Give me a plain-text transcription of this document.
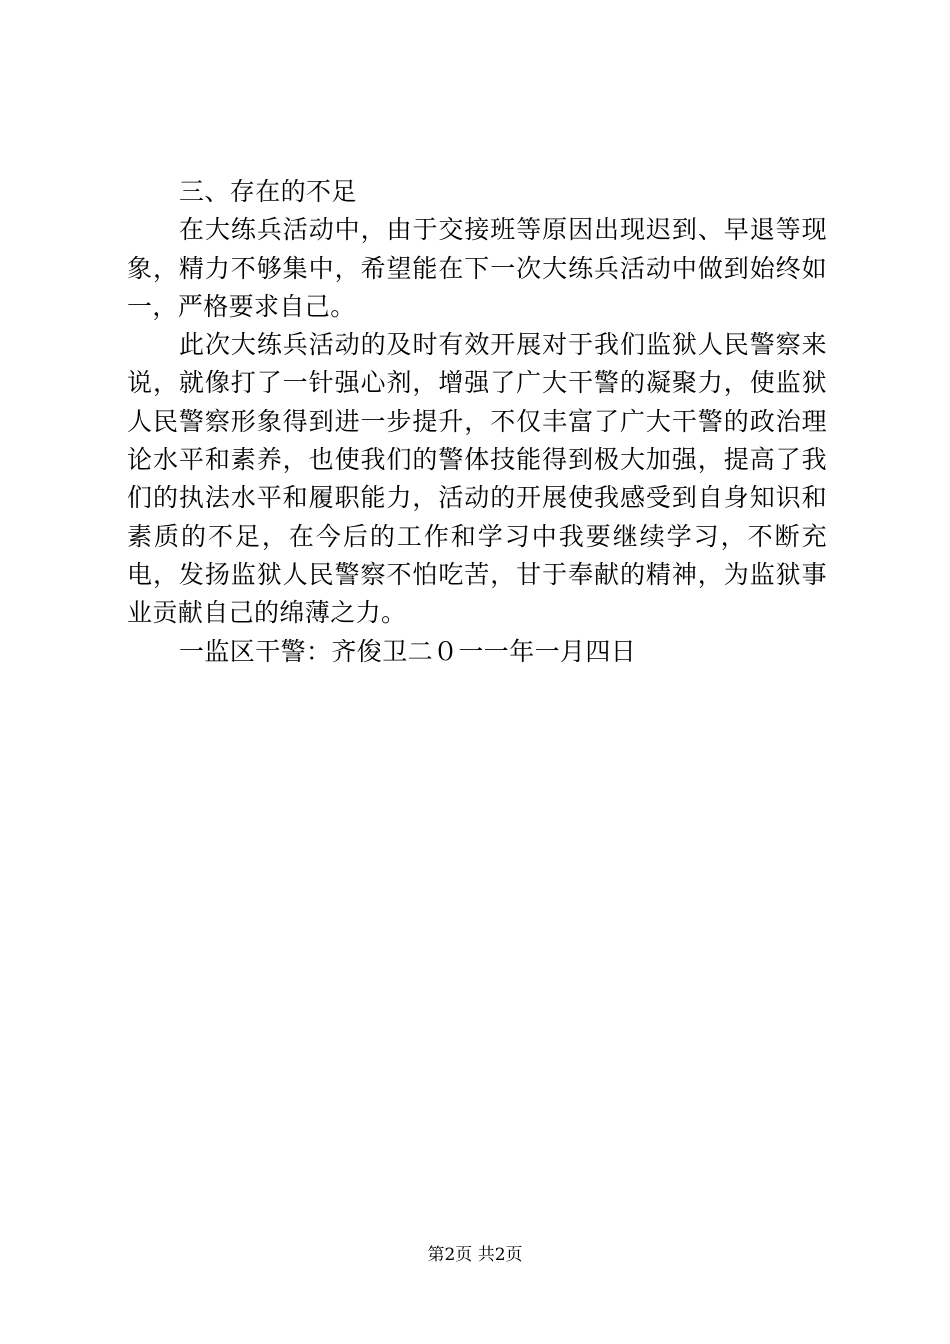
三、存在的不足

在大练兵活动中，由于交接班等原因出现迟到、早退等现象，精力不够集中，希望能在下一次大练兵活动中做到始终如一，严格要求自己。

此次大练兵活动的及时有效开展对于我们监狱人民警察来说，就像打了一针强心剂，增强了广大干警的凝聚力，使监狱人民警察形象得到进一步提升，不仅丰富了广大干警的政治理论水平和素养，也使我们的警体技能得到极大加强，提高了我们的执法水平和履职能力，活动的开展使我感受到自身知识和素质的不足，在今后的工作和学习中我要继续学习，不断充电，发扬监狱人民警察不怕吃苦，甘于奉献的精神，为监狱事业贡献自己的绵薄之力。

一监区干警：齐俊卫二０一一年一月四日

第2页 共2页
